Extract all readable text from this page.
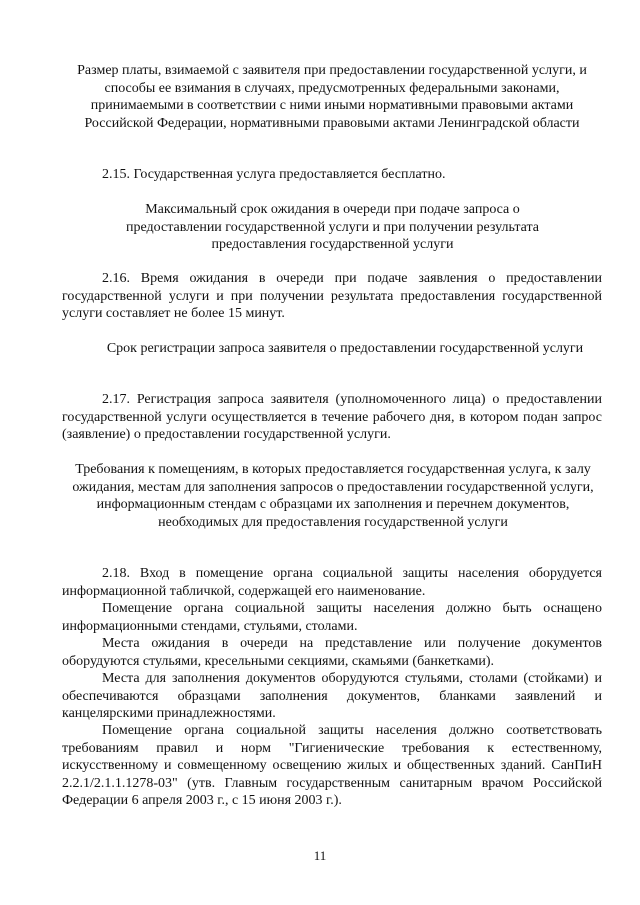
Размер платы, взимаемой с заявителя при предоставлении государственной услуги, и способы ее взимания в случаях, предусмотренных федеральными законами, принимаемыми в соответствии с ними иными нормативными правовыми актами Российской Федерации, нормативными правовыми актами Ленинградской области
2.15. Государственная услуга предоставляется бесплатно.
Максимальный срок ожидания в очереди при подаче запроса о предоставлении государственной услуги и при получении результата предоставления государственной услуги
2.16. Время ожидания в очереди при подаче заявления о предоставлении государственной услуги и при получении результата предоставления государственной услуги составляет не более 15 минут.
Срок регистрации запроса заявителя о предоставлении государственной услуги
2.17. Регистрация запроса заявителя (уполномоченного лица) о предоставлении государственной услуги осуществляется в течение рабочего дня, в котором подан запрос (заявление) о предоставлении государственной услуги.
Требования к помещениям, в которых предоставляется государственная услуга, к залу ожидания, местам для заполнения запросов о предоставлении государственной услуги, информационным стендам с образцами их заполнения и перечнем документов, необходимых для предоставления государственной услуги
2.18. Вход в помещение органа социальной защиты населения оборудуется информационной табличкой, содержащей его наименование.
Помещение органа социальной защиты населения должно быть оснащено информационными стендами, стульями, столами.
Места ожидания в очереди на представление или получение документов оборудуются стульями, кресельными секциями, скамьями (банкетками).
Места для заполнения документов оборудуются стульями, столами (стойками) и обеспечиваются образцами заполнения документов, бланками заявлений и канцелярскими принадлежностями.
Помещение органа социальной защиты населения должно соответствовать требованиям правил и норм "Гигиенические требования к естественному, искусственному и совмещенному освещению жилых и общественных зданий. СанПиН 2.2.1/2.1.1.1278-03" (утв. Главным государственным санитарным врачом Российской Федерации 6 апреля 2003 г., с 15 июня 2003 г.).
11
